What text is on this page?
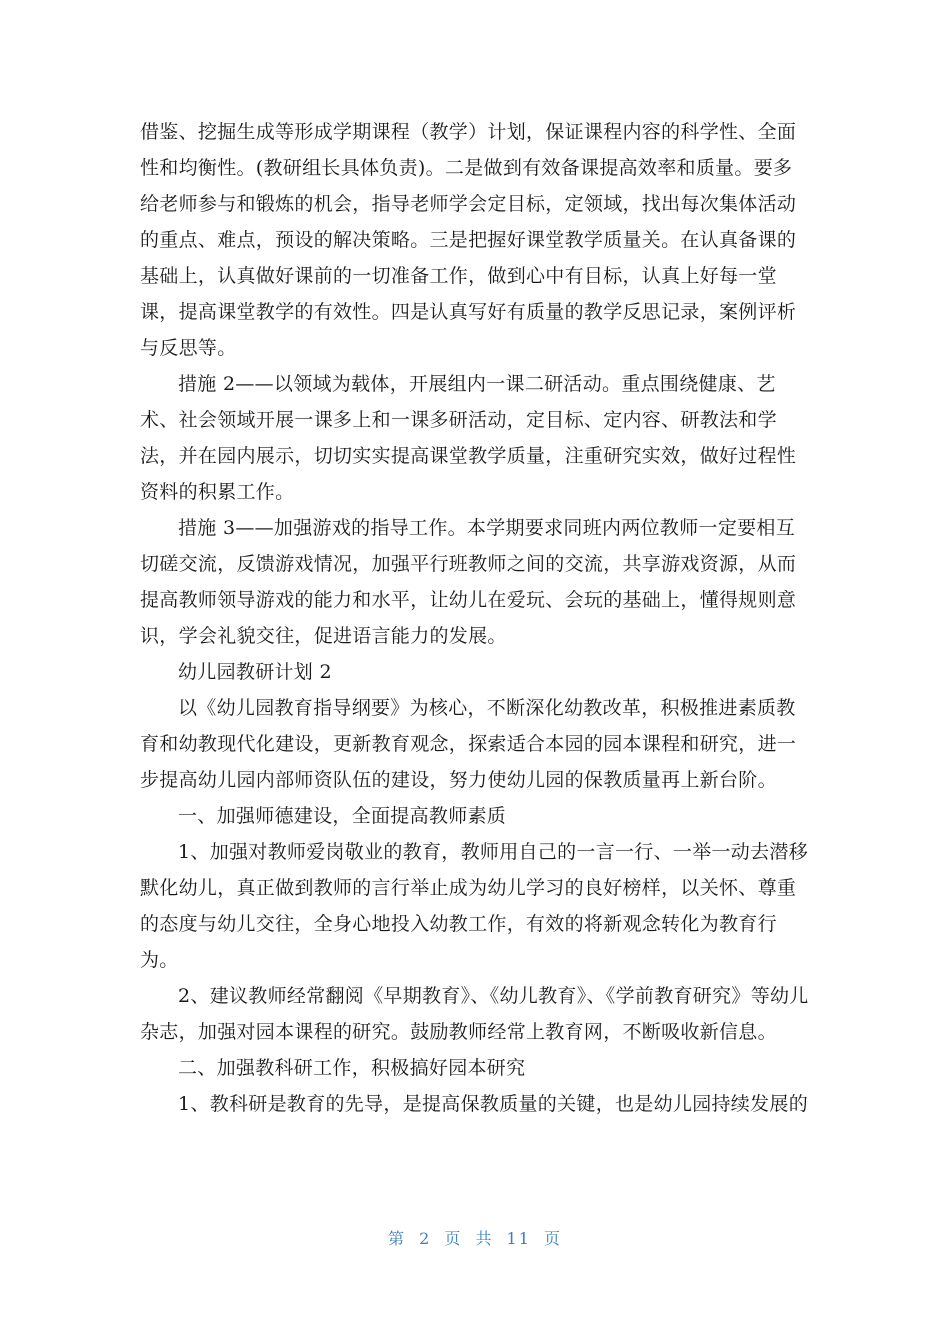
借鉴、挖掘生成等形成学期课程（教学）计划，保证课程内容的科学性、全面
性和均衡性。(教研组长具体负责)。二是做到有效备课提高效率和质量。要多
给老师参与和锻炼的机会，指导老师学会定目标，定领域，找出每次集体活动
的重点、难点，预设的解决策略。三是把握好课堂教学质量关。在认真备课的
基础上，认真做好课前的一切准备工作，做到心中有目标，认真上好每一堂
课，提高课堂教学的有效性。四是认真写好有质量的教学反思记录，案例评析
与反思等。
措施 2——以领域为载体，开展组内一课二研活动。重点围绕健康、艺
术、社会领域开展一课多上和一课多研活动，定目标、定内容、研教法和学
法，并在园内展示，切切实实提高课堂教学质量，注重研究实效，做好过程性
资料的积累工作。
措施 3——加强游戏的指导工作。本学期要求同班内两位教师一定要相互
切磋交流，反馈游戏情况，加强平行班教师之间的交流，共享游戏资源，从而
提高教师领导游戏的能力和水平，让幼儿在爱玩、会玩的基础上，懂得规则意
识，学会礼貌交往，促进语言能力的发展。
幼儿园教研计划 2
以《幼儿园教育指导纲要》为核心，不断深化幼教改革，积极推进素质教
育和幼教现代化建设，更新教育观念，探索适合本园的园本课程和研究，进一
步提高幼儿园内部师资队伍的建设，努力使幼儿园的保教质量再上新台阶。
一、加强师德建设，全面提高教师素质
1、加强对教师爱岗敬业的教育，教师用自己的一言一行、一举一动去潜移
默化幼儿，真正做到教师的言行举止成为幼儿学习的良好榜样，以关怀、尊重
的态度与幼儿交往，全身心地投入幼教工作，有效的将新观念转化为教育行
为。
2、建议教师经常翻阅《早期教育》、《幼儿教育》、《学前教育研究》等幼儿
杂志，加强对园本课程的研究。鼓励教师经常上教育网，不断吸收新信息。
二、加强教科研工作，积极搞好园本研究
1、教科研是教育的先导，是提高保教质量的关键，也是幼儿园持续发展的
第 2 页 共 11 页
